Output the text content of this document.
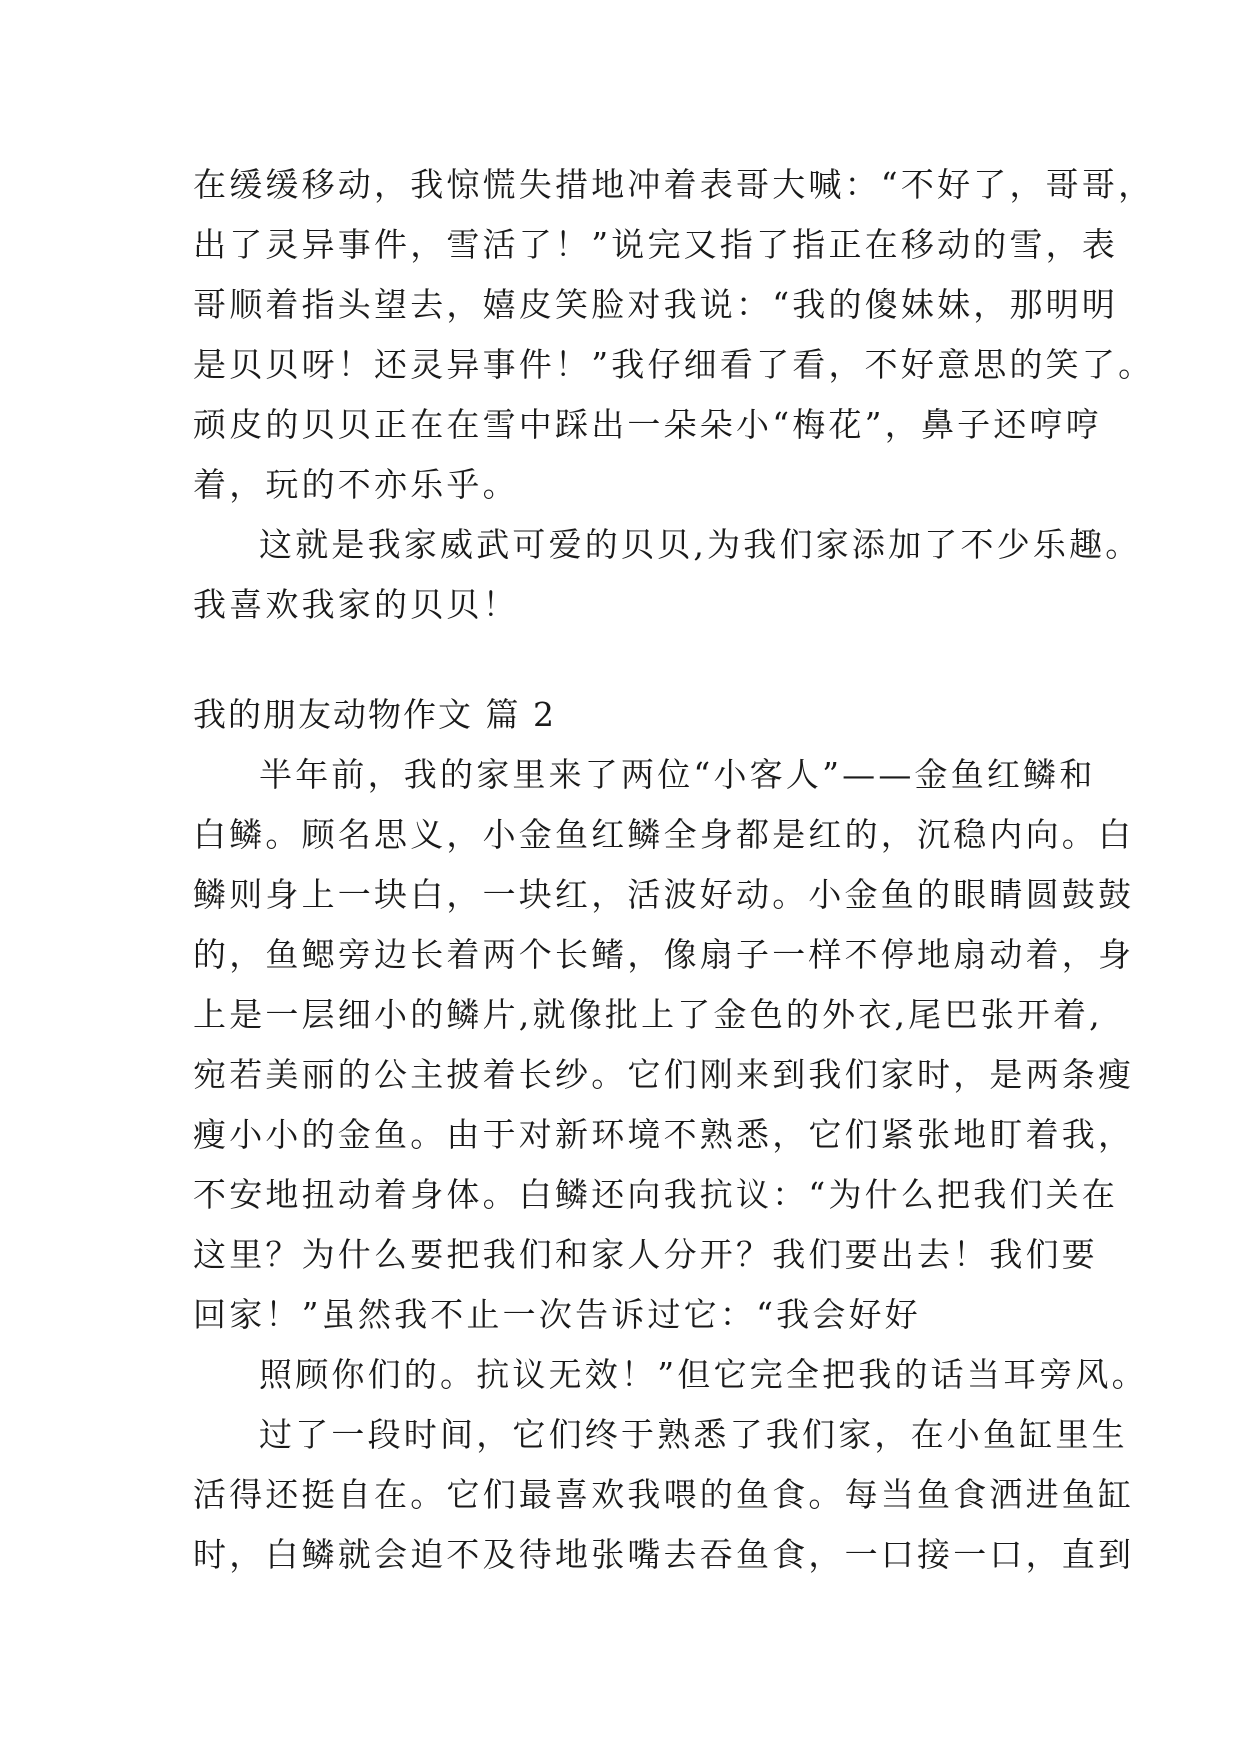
在缓缓移动，我惊慌失措地冲着表哥大喊：“不好了，哥哥，
出了灵异事件，雪活了！”说完又指了指正在移动的雪，表
哥顺着指头望去，嬉皮笑脸对我说：“我的傻妹妹，那明明
是贝贝呀！还灵异事件！”我仔细看了看，不好意思的笑了。
顽皮的贝贝正在在雪中踩出一朵朵小“梅花”，鼻子还哼哼
着，玩的不亦乐乎。
这就是我家威武可爱的贝贝,为我们家添加了不少乐趣。
我喜欢我家的贝贝！
我的朋友动物作文 篇 2
半年前，我的家里来了两位“小客人”——金鱼红鳞和
白鳞。顾名思义，小金鱼红鳞全身都是红的，沉稳内向。白
鳞则身上一块白，一块红，活波好动。小金鱼的眼睛圆鼓鼓
的，鱼鳃旁边长着两个长鳍，像扇子一样不停地扇动着，身
上是一层细小的鳞片,就像批上了金色的外衣,尾巴张开着,
宛若美丽的公主披着长纱。它们刚来到我们家时，是两条瘦
瘦小小的金鱼。由于对新环境不熟悉，它们紧张地盯着我，
不安地扭动着身体。白鳞还向我抗议：“为什么把我们关在
这里？为什么要把我们和家人分开？我们要出去！我们要
回家！”虽然我不止一次告诉过它：“我会好好
照顾你们的。抗议无效！”但它完全把我的话当耳旁风。
过了一段时间，它们终于熟悉了我们家，在小鱼缸里生
活得还挺自在。它们最喜欢我喂的鱼食。每当鱼食洒进鱼缸
时，白鳞就会迫不及待地张嘴去吞鱼食，一口接一口，直到
